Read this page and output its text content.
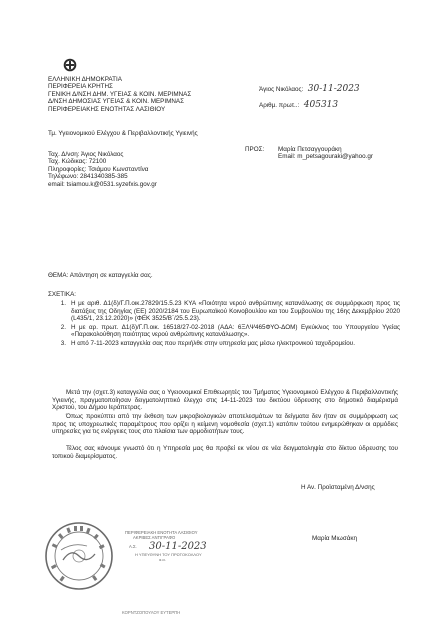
ΕΛΛΗΝΙΚΗ ΔΗΜΟΚΡΑΤΙΑ
ΠΕΡΙΦΕΡΕΙΑ ΚΡΗΤΗΣ
ΓΕΝΙΚΗ Δ/ΝΣΗ ΔΗΜ. ΥΓΕΙΑΣ & ΚΟΙΝ. ΜΕΡΙΜΝΑΣ
Δ/ΝΣΗ ΔΗΜΟΣΙΑΣ ΥΓΕΙΑΣ & ΚΟΙΝ. ΜΕΡΙΜΝΑΣ
ΠΕΡΙΦΕΡΕΙΑΚΗΣ ΕΝΟΤΗΤΑΣ ΛΑΣΙΘΙΟΥ
Τμ. Υγειονομικού Ελέγχου & Περιβαλλοντικής Υγιεινής
Άγιος Νικόλαος: 30-11-2023
Αριθμ. πρωτ..: 405313
Ταχ. Δ/νση: Άγιος Νικόλαος
Ταχ. Κώδικας: 72100
Πληροφορίες: Τσιάμου Κωνσταντίνα
Τηλέφωνο: 2841340385-385
email: tsiamou.k@0531.syzefxis.gov.gr
ΠΡΟΣ: Μαρία Πετσαγγουράκη
Email: m_petsagouraki@yahoo.gr
ΘΕΜΑ: Απάντηση σε καταγγελία σας.
ΣΧΕΤΙΚΑ:
1. Η με αριθ. Δ1(δ)/Γ.Π.οικ.27829/15.5.23 ΚΥΑ «Ποιότητα νερού ανθρώπινης κατανάλωσης σε συμμόρφωση προς τις διατάξεις της Οδηγίας (ΕΕ) 2020/2184 του Ευρωπαϊκού Κοινοβουλίου και του Συμβουλίου της 16ης Δεκεμβρίου 2020 (L435/1, 23.12.2020)» (ΦΕΚ 3525/Β΄/25.5.23).
2. Η με αρ. πρωτ. Δ1(δ)/Γ.Π.οικ. 16518/27-02-2018 (ΑΔΑ: 6ΞΛΨ465ΦΥΟ-ΔΟΜ) Εγκύκλιος του Υπουργείου Υγείας «Παρακολούθηση ποιότητας νερού ανθρώπινης κατανάλωσης».
3. Η από 7-11-2023 καταγγελία σας που περιήλθε στην υπηρεσία μας μέσω ηλεκτρονικού ταχυδρομείου.
Μετά την (σχετ.3) καταγγελία σας ο Υγειονομικοί Επιθεωρητές του Τμήματος Υγειονομικού Ελέγχου & Περιβαλλοντικής Υγιεινής, πραγματοποίησαν δειγματοληπτικό έλεγχο στις 14-11-2023 του δικτύου ύδρευσης στο δημοτικό διαμέρισμά Χριστού, του Δήμου Ιεράπετρας.
Όπως προκύπτει από την έκθεση των μικροβιολογικών αποτελεσμάτων τα δείγματα δεν ήταν σε συμμόρφωση ως προς τις υποχρεωτικές παραμέτρους που ορίζει η κείμενη νομοθεσία (σχετ.1) κατόπιν τούτου ενημερώθηκαν οι αρμόδιες υπηρεσίες για τις ενέργειες τους στο πλαίσια των αρμοδιοτήτων τους.
Τέλος σας κάνουμε γνωστό ότι η Υπηρεσία μας θα προβεί εκ νέου σε νέα δειγματοληψία στο δίκτυο ύδρευσης του τοπικού διαμερίσματος.
Η Αν. Προϊσταμένη Δ/νσης
Μαρία Μιωσάκη
ΠΕΡΙΦΕΡΕΙΑΚΗ ΕΝΟΤΗΤΑ ΛΑΣΙΘΙΟΥ
ΑΚΡΙΒΕΣ ΑΝΤΙΓΡΑΦΟ
Α.Σ.	30-11-2023
Η ΥΠΕΥΘΥΝΗ ΤΟΥ ΠΡΩΤΟΚΟΛΛΟΥ
α.α.
ΚΟΡΝΤΖΟΠΟΥΛΟΥ ΕΥΤΕΡΠΗ
